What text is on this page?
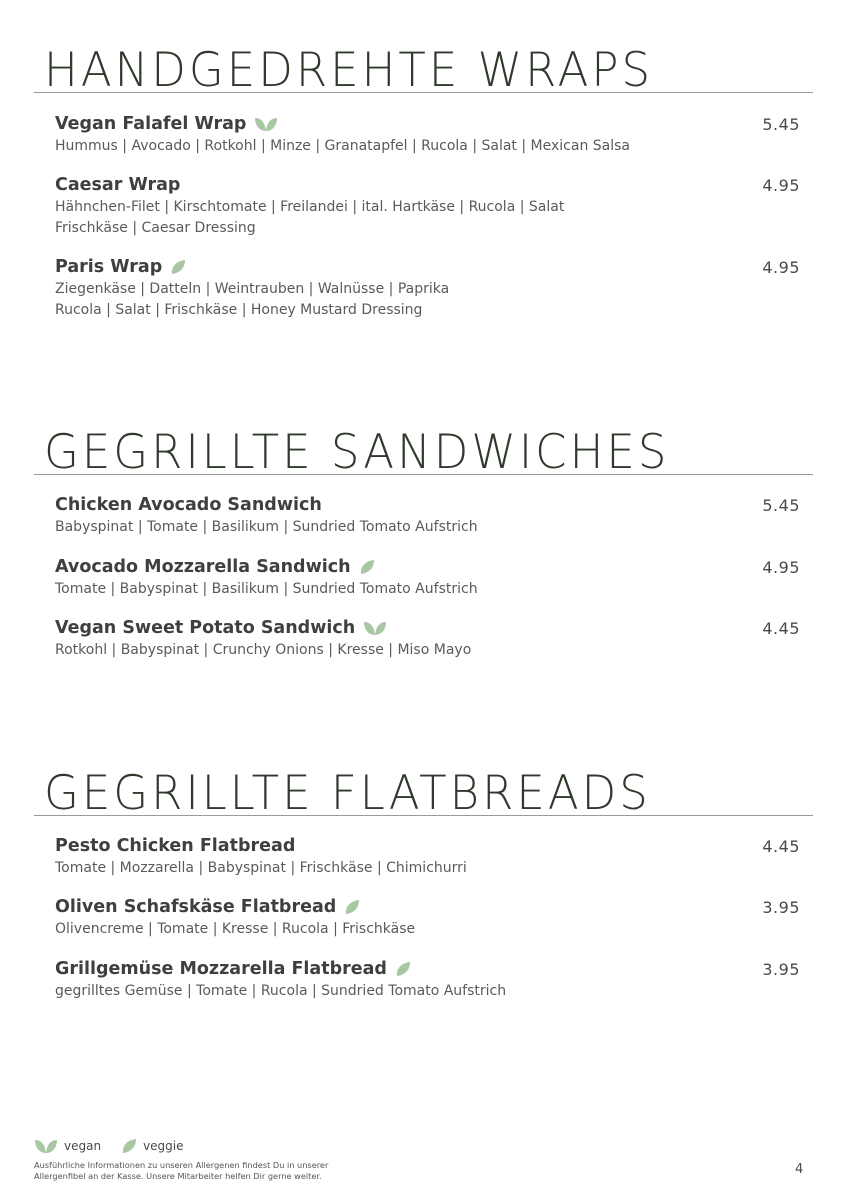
HANDGEDREHTE WRAPS
Vegan Falafel Wrap
Hummus | Avocado | Rotkohl | Minze | Granatapfel | Rucola | Salat | Mexican Salsa
5.45
Caesar Wrap
Hähnchen-Filet | Kirschtomate | Freilandei | ital. Hartkäse | Rucola | Salat
Frischkäse | Caesar Dressing
4.95
Paris Wrap
Ziegenkäse | Datteln | Weintrauben | Walnüsse | Paprika
Rucola | Salat | Frischkäse | Honey Mustard Dressing
4.95
GEGRILLTE SANDWICHES
Chicken Avocado Sandwich
Babyspinat | Tomate | Basilikum | Sundried Tomato Aufstrich
5.45
Avocado Mozzarella Sandwich
Tomate | Babyspinat | Basilikum | Sundried Tomato Aufstrich
4.95
Vegan Sweet Potato Sandwich
Rotkohl | Babyspinat | Crunchy Onions | Kresse | Miso Mayo
4.45
GEGRILLTE FLATBREADS
Pesto Chicken Flatbread
Tomate | Mozzarella | Babyspinat | Frischkäse | Chimichurri
4.45
Oliven Schafskäse Flatbread
Olivencreme | Tomate | Kresse | Rucola | Frischkäse
3.95
Grillgemüse Mozzarella Flatbread
gegrilltes Gemüse | Tomate | Rucola | Sundried Tomato Aufstrich
3.95
vegan	veggie
Ausführliche Informationen zu unseren Allergenen findest Du in unserer Allergenfibel an der Kasse. Unsere Mitarbeiter helfen Dir gerne weiter.	4
